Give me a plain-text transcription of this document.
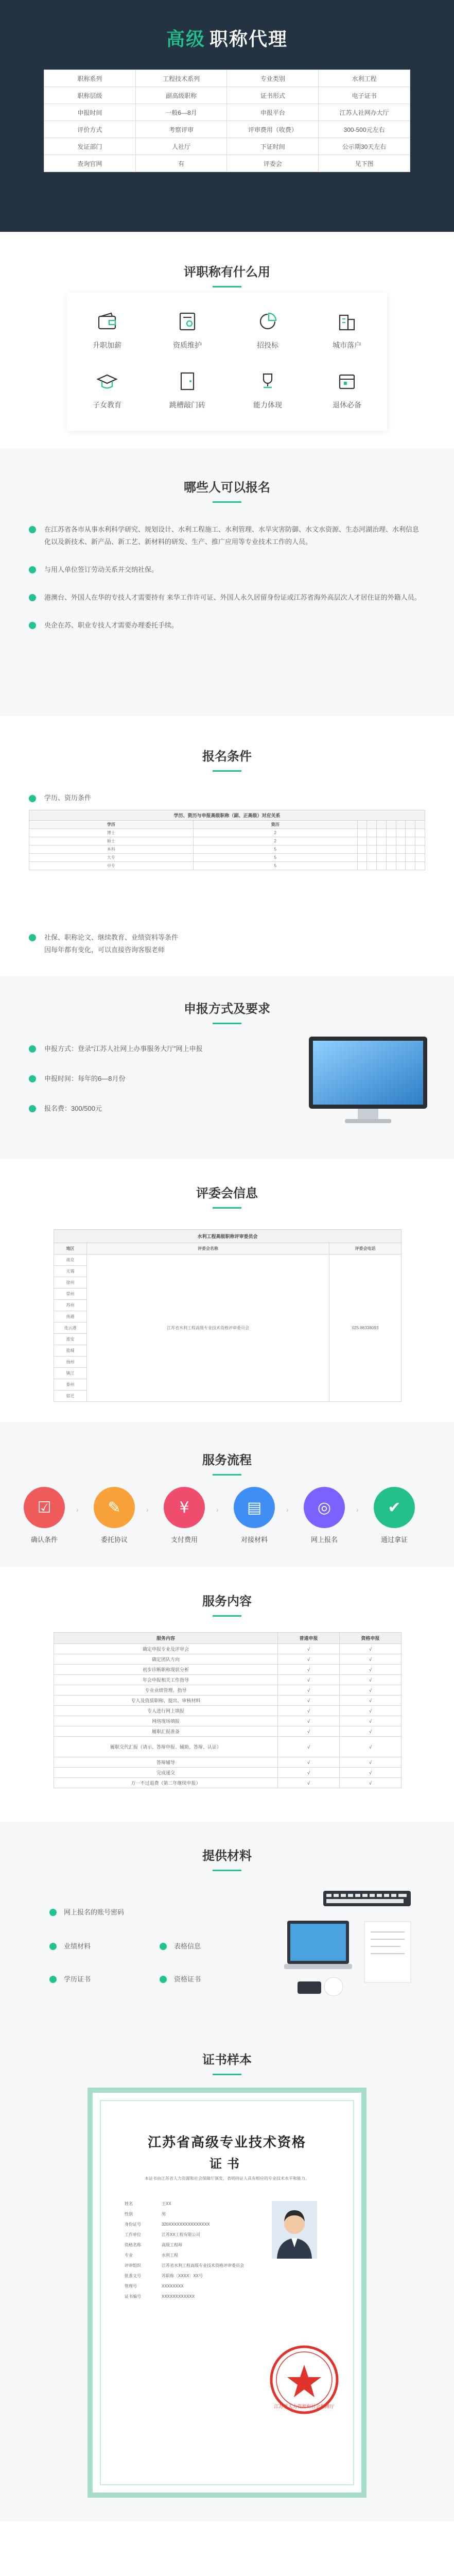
高级 职称代理
职称系列	工程技术系列	专业类别	水利工程
职称层级	副高级职称	证书形式	电子证书
申报时间	一般6—8月	申报平台	江苏人社网办大厅
评价方式	考察评审	评审费用（收费）	300-500元左右
发证部门	人社厅	下证时间	公示期30天左右
查询官网	有	评委会	见下图
评职称有什么用
升职加薪	资质维护	招投标	城市落户
子女教育	跳槽敲门砖	能力体现	退休必备
哪些人可以报名
在江苏省各市从事水利科学研究、规划设计、水利工程施工、水利管理、水旱灾害防御、水文水资源、生态河湖治理、水利信息化以及新技术、新产品、新工艺、新材料的研发、生产、推广应用等专业技术工作的人员。
与用人单位签订劳动关系并交纳社保。
港澳台、外国人在华的专技人才需要持有 来华工作许可证、外国人永久居留身份证或江苏省海外高层次人才居住证的外籍人员。
央企在苏、职业专技人才需要办理委托手续。
报名条件
学历、资历条件
学历、资历与申报高级职称（副、正高级）对应关系								
学历	资历							
博士	2							
硕士	2							
本科	5							
大专	5							
中专	5							
社保、职称论文、继续教育、业绩资料等条件
因每年都有变化，可以直接咨询客服老师
申报方式及要求
申报方式：登录“江苏人社网上办事服务大厅”网上申报
申报时间：每年的6—8月份
报名费：300/500元
评委会信息
水利工程高级职称评审委员会		
地区	评委会名称	评委会电话
南京	江苏省水利工程高级专业技术资格评审委员会	025-86338093
无锡		
徐州		
常州		
苏州		
南通		
连云港		
淮安		
盐城		
扬州		
镇江		
泰州		
宿迁		
服务流程
☑
确认条件
› ✎
委托协议
› ¥
支付费用
› ▤
对接材料
› ◎
网上报名
› ✔
通过拿证
服务内容
服务内容	普通申报	资格申报
确定申报专业及评审会	√	√
确定团队方向	√	√
初步诊断职称现状分析	√	√
年会申报相关工作指导	√	√
专业业绩管理、指导	√	√
专人及资质职称、提出、审核材料	√	√
专人进行网上填报	√	√
网络现场填报	√	√
履职汇报准备	√	√
履职交代汇报（请示、答辩申报、辅助、答辩、认证）	√	√
答辩辅导	√	√
完成递交	√	√
万一不过退费（第二年继续申报）	√	√
提供材料
网上报名的账号密码
业绩材料	表格信息
学历证书	资格证书
证书样本
江苏省高级专业技术资格
证书
本证书由江苏省人力资源和社会保障厅颁发，表明持证人具有相应的专业技术水平和能力。
姓名	王XX
性别	男
身份证号	320XXXXXXXXXXXXXXX
工作单位	江苏XX工程有限公司
资格名称	高级工程师
专业	水利工程
评审组织	江苏省水利工程高级专业技术资格评审委员会
批准文号	苏职称〔XXXX〕XX号
管理号	XXXXXXXX
证书编号	XXXXXXXXXXXX
江苏省人力资源和社会保障厅
